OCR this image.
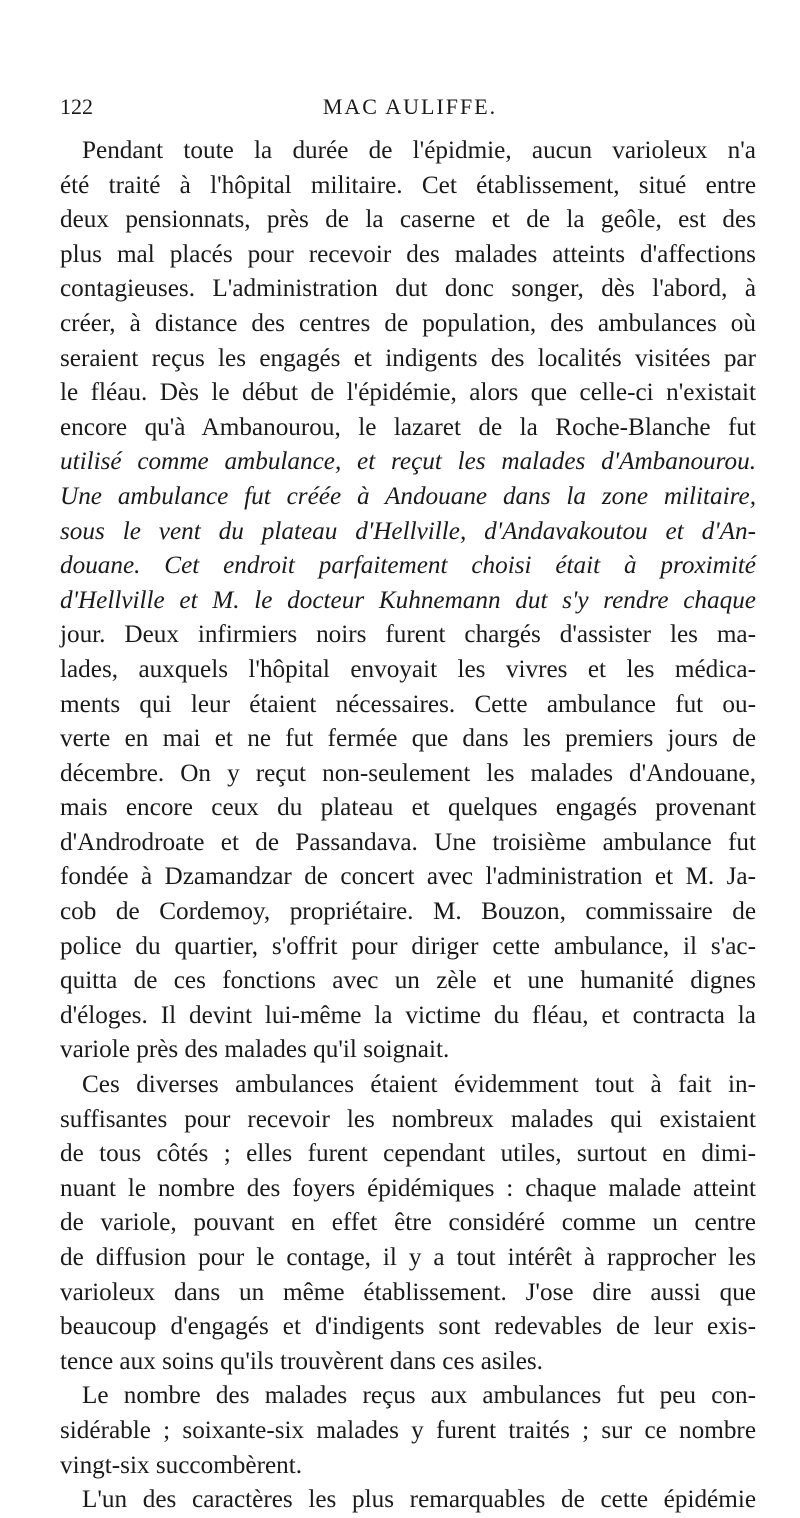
122	MAC AULIFFE.
Pendant toute la durée de l'épidmie, aucun varioleux n'a
été traité à l'hôpital militaire. Cet établissement, situé entre
deux pensionnats, près de la caserne et de la geôle, est des
plus mal placés pour recevoir des malades atteints d'affections
contagieuses. L'administration dut donc songer, dès l'abord, à
créer, à distance des centres de population, des ambulances où
seraient reçus les engagés et indigents des localités visitées par
le fléau. Dès le début de l'épidémie, alors que celle-ci n'existait
encore qu'à Ambanourou, le lazaret de la Roche-Blanche fut
utilisé comme ambulance, et reçut les malades d'Ambanourou.
Une ambulance fut créée à Andouane dans la zone militaire,
sous le vent du plateau d'Hellville, d'Andavakoutou et d'An-
douane. Cet endroit parfaitement choisi était à proximité
d'Hellville et M. le docteur Kuhnemann dut s'y rendre chaque
jour. Deux infirmiers noirs furent chargés d'assister les ma-
lades, auxquels l'hôpital envoyait les vivres et les médica-
ments qui leur étaient nécessaires. Cette ambulance fut ou-
verte en mai et ne fut fermée que dans les premiers jours de
décembre. On y reçut non-seulement les malades d'Andouane,
mais encore ceux du plateau et quelques engagés provenant
d'Androdroate et de Passandava. Une troisième ambulance fut
fondée à Dzamandzar de concert avec l'administration et M. Ja-
cob de Cordemoy, propriétaire. M. Bouzon, commissaire de
police du quartier, s'offrit pour diriger cette ambulance, il s'ac-
quitta de ces fonctions avec un zèle et une humanité dignes
d'éloges. Il devint lui-même la victime du fléau, et contracta la
variole près des malades qu'il soignait.
Ces diverses ambulances étaient évidemment tout à fait in-
suffisantes pour recevoir les nombreux malades qui existaient
de tous côtés ; elles furent cependant utiles, surtout en dimi-
nuant le nombre des foyers épidémiques : chaque malade atteint
de variole, pouvant en effet être considéré comme un centre
de diffusion pour le contage, il y a tout intérêt à rapprocher les
varioleux dans un même établissement. J'ose dire aussi que
beaucoup d'engagés et d'indigents sont redevables de leur exis-
tence aux soins qu'ils trouvèrent dans ces asiles.
Le nombre des malades reçus aux ambulances fut peu con-
sidérable ; soixante-six malades y furent traités ; sur ce nombre
vingt-six succombèrent.
L'un des caractères les plus remarquables de cette épidémie
